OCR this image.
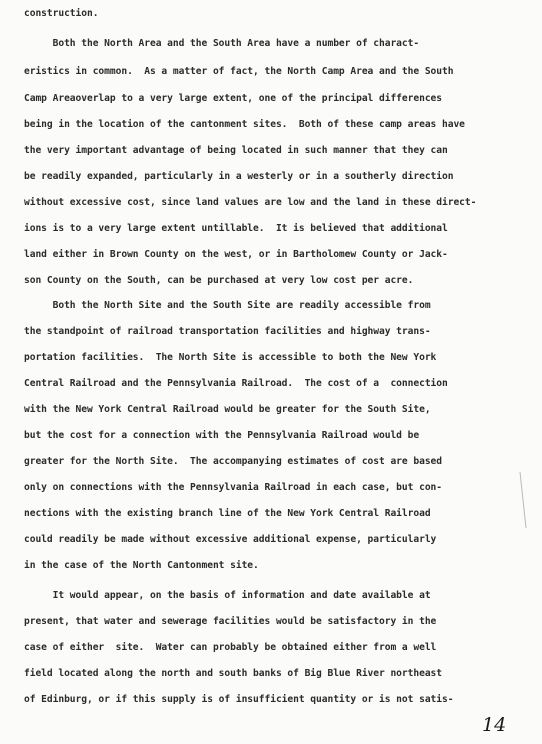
construction.
Both the North Area and the South Area have a number of charact-
eristics in common.  As a matter of fact, the North Camp Area and the South
Camp Areaoverlap to a very large extent, one of the principal differences
being in the location of the cantonment sites.  Both of these camp areas have
the very important advantage of being located in such manner that they can
be readily expanded, particularly in a westerly or in a southerly direction
without excessive cost, since land values are low and the land in these direct-
ions is to a very large extent untillable.  It is believed that additional
land either in Brown County on the west, or in Bartholomew County or Jack-
son County on the South, can be purchased at very low cost per acre.
Both the North Site and the South Site are readily accessible from
the standpoint of railroad transportation facilities and highway trans-
portation facilities.  The North Site is accessible to both the New York
Central Railroad and the Pennsylvania Railroad.  The cost of a  connection
with the New York Central Railroad would be greater for the South Site,
but the cost for a connection with the Pennsylvania Railroad would be
greater for the North Site.  The accompanying estimates of cost are based
only on connections with the Pennsylvania Railroad in each case, but con-
nections with the existing branch line of the New York Central Railroad
could readily be made without excessive additional expense, particularly
in the case of the North Cantonment site.
It would appear, on the basis of information and date available at
present, that water and sewerage facilities would be satisfactory in the
case of either  site.  Water can probably be obtained either from a well
field located along the north and south banks of Big Blue River northeast
of Edinburg, or if this supply is of insufficient quantity or is not satis-
14
